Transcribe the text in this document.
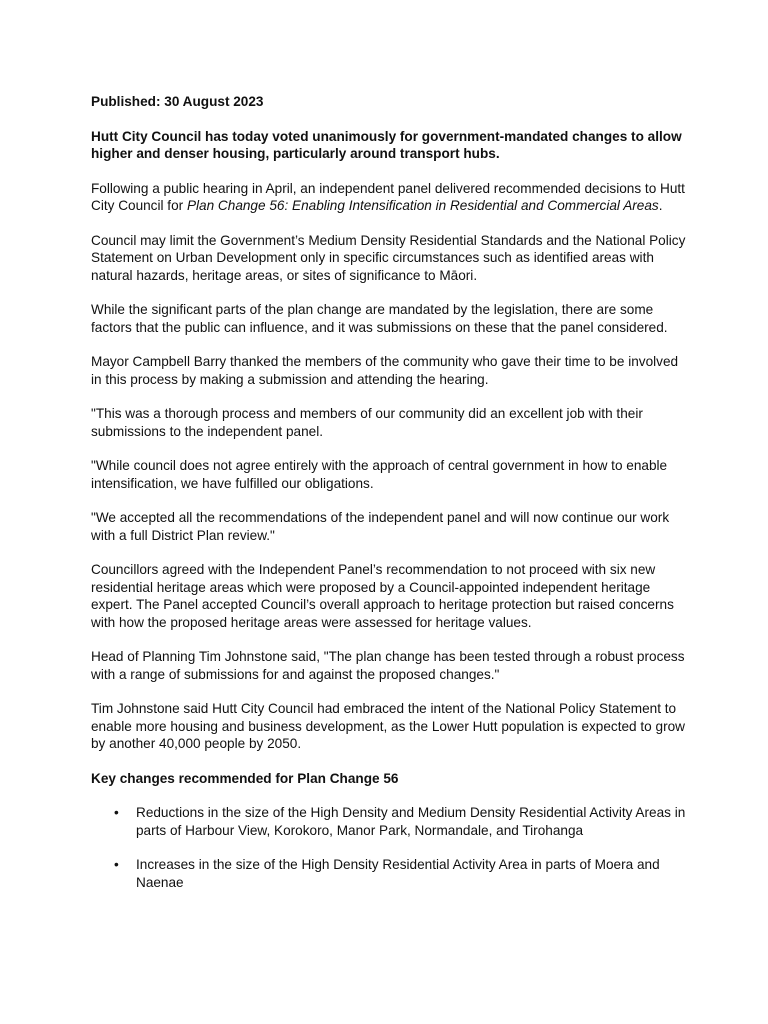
Published: 30 August 2023

Hutt City Council has today voted unanimously for government-mandated changes to allow higher and denser housing, particularly around transport hubs.

Following a public hearing in April, an independent panel delivered recommended decisions to Hutt City Council for Plan Change 56: Enabling Intensification in Residential and Commercial Areas.

Council may limit the Government’s Medium Density Residential Standards and the National Policy Statement on Urban Development only in specific circumstances such as identified areas with natural hazards, heritage areas, or sites of significance to Māori.

While the significant parts of the plan change are mandated by the legislation, there are some factors that the public can influence, and it was submissions on these that the panel considered.

Mayor Campbell Barry thanked the members of the community who gave their time to be involved in this process by making a submission and attending the hearing.

"This was a thorough process and members of our community did an excellent job with their submissions to the independent panel.

"While council does not agree entirely with the approach of central government in how to enable intensification, we have fulfilled our obligations.

"We accepted all the recommendations of the independent panel and will now continue our work with a full District Plan review."

Councillors agreed with the Independent Panel’s recommendation to not proceed with six new residential heritage areas which were proposed by a Council-appointed independent heritage expert. The Panel accepted Council’s overall approach to heritage protection but raised concerns with how the proposed heritage areas were assessed for heritage values.

Head of Planning Tim Johnstone said, "The plan change has been tested through a robust process with a range of submissions for and against the proposed changes."

Tim Johnstone said Hutt City Council had embraced the intent of the National Policy Statement to enable more housing and business development, as the Lower Hutt population is expected to grow by another 40,000 people by 2050.

Key changes recommended for Plan Change 56

• Reductions in the size of the High Density and Medium Density Residential Activity Areas in parts of Harbour View, Korokoro, Manor Park, Normandale, and Tirohanga
• Increases in the size of the High Density Residential Activity Area in parts of Moera and Naenae
